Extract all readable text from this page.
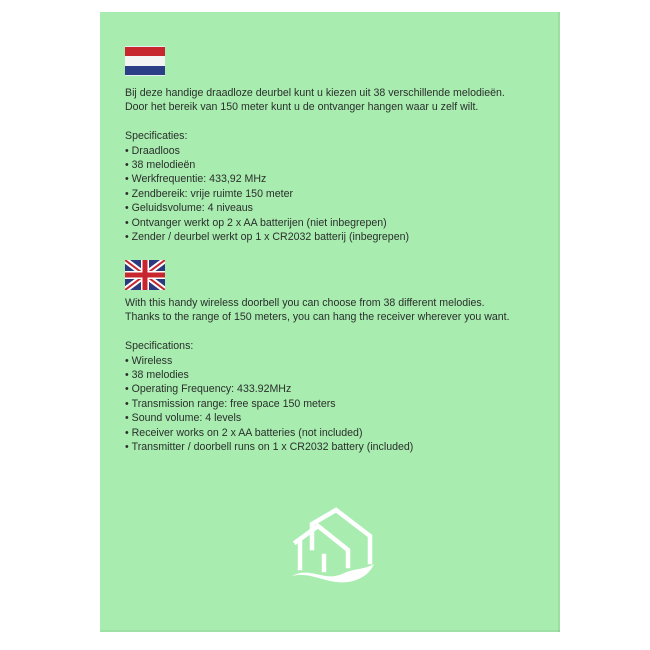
Bij deze handige draadloze deurbel kunt u kiezen uit 38 verschillende melodieën.

Door het bereik van 150 meter kunt u de ontvanger hangen waar u zelf wilt.

Specificaties:

• Draadloos
• 38 melodieën
• Werkfrequentie: 433,92 MHz
• Zendbereik: vrije ruimte 150 meter
• Geluidsvolume: 4 niveaus
• Ontvanger werkt op 2 x AA batterijen (niet inbegrepen)
• Zender / deurbel werkt op 1 x CR2032 batterij (inbegrepen)

With this handy wireless doorbell you can choose from 38 different melodies.

Thanks to the range of 150 meters, you can hang the receiver wherever you want.

Specifications:

• Wireless
• 38 melodies
• Operating Frequency: 433.92MHz
• Transmission range: free space 150 meters
• Sound volume: 4 levels
• Receiver works on 2 x AA batteries (not included)
• Transmitter / doorbell runs on 1 x CR2032 battery (included)
